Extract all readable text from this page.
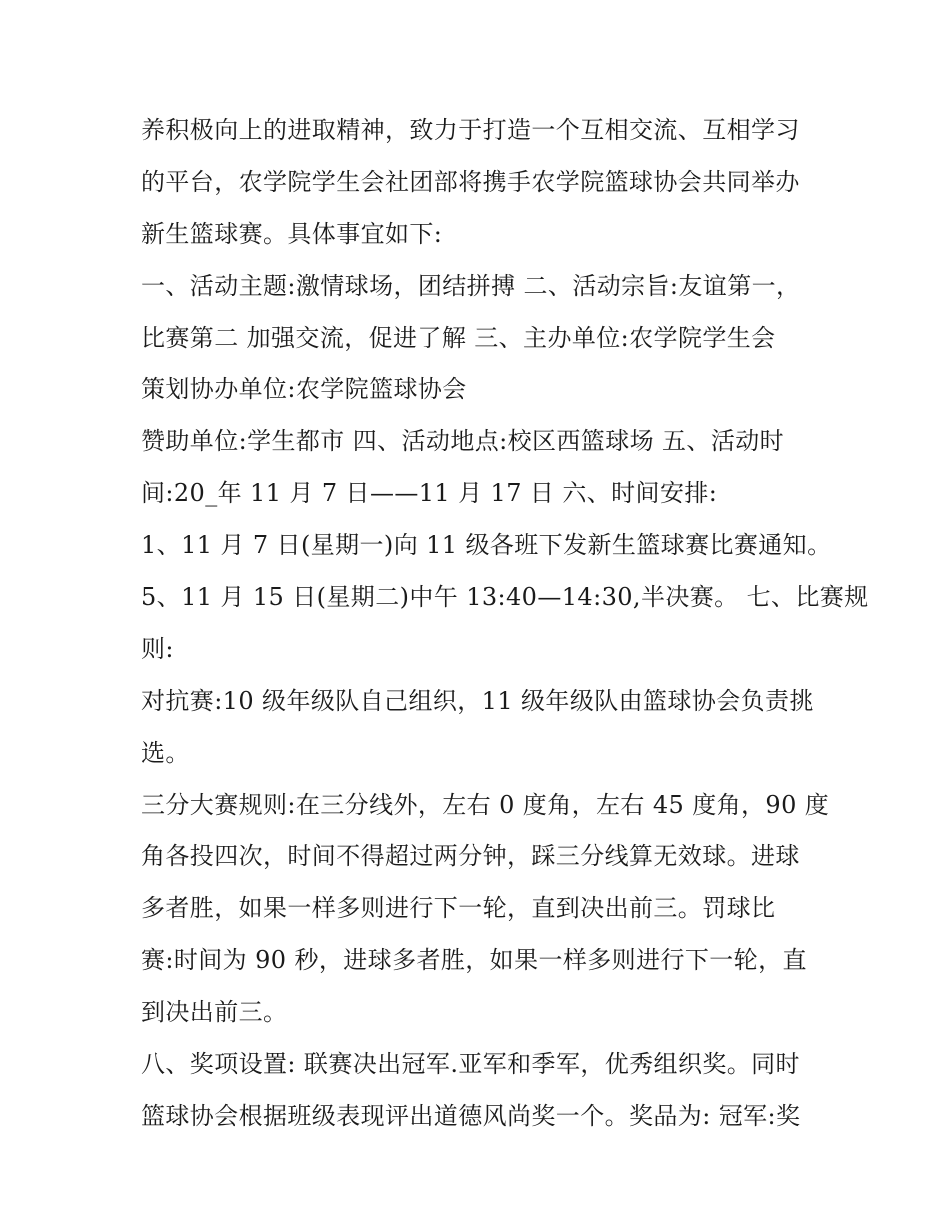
养积极向上的进取精神，致力于打造一个互相交流、互相学习
的平台，农学院学生会社团部将携手农学院篮球协会共同举办
新生篮球赛。具体事宜如下:
一、活动主题:激情球场，团结拼搏 二、活动宗旨:友谊第一，
比赛第二 加强交流，促进了解 三、主办单位:农学院学生会
策划协办单位:农学院篮球协会
赞助单位:学生都市 四、活动地点:校区西篮球场 五、活动时
间:20_年 11 月 7 日——11 月 17 日 六、时间安排:
1、11 月 7 日(星期一)向 11 级各班下发新生篮球赛比赛通知。
5、11 月 15 日(星期二)中午 13:40—14:30,半决赛。 七、比赛规
则:
对抗赛:10 级年级队自己组织，11 级年级队由篮球协会负责挑
选。
三分大赛规则:在三分线外，左右 0 度角，左右 45 度角，90 度
角各投四次，时间不得超过两分钟，踩三分线算无效球。进球
多者胜，如果一样多则进行下一轮，直到决出前三。罚球比
赛:时间为 90 秒，进球多者胜，如果一样多则进行下一轮，直
到决出前三。
八、奖项设置: 联赛决出冠军.亚军和季军，优秀组织奖。同时
篮球协会根据班级表现评出道德风尚奖一个。奖品为: 冠军:奖
